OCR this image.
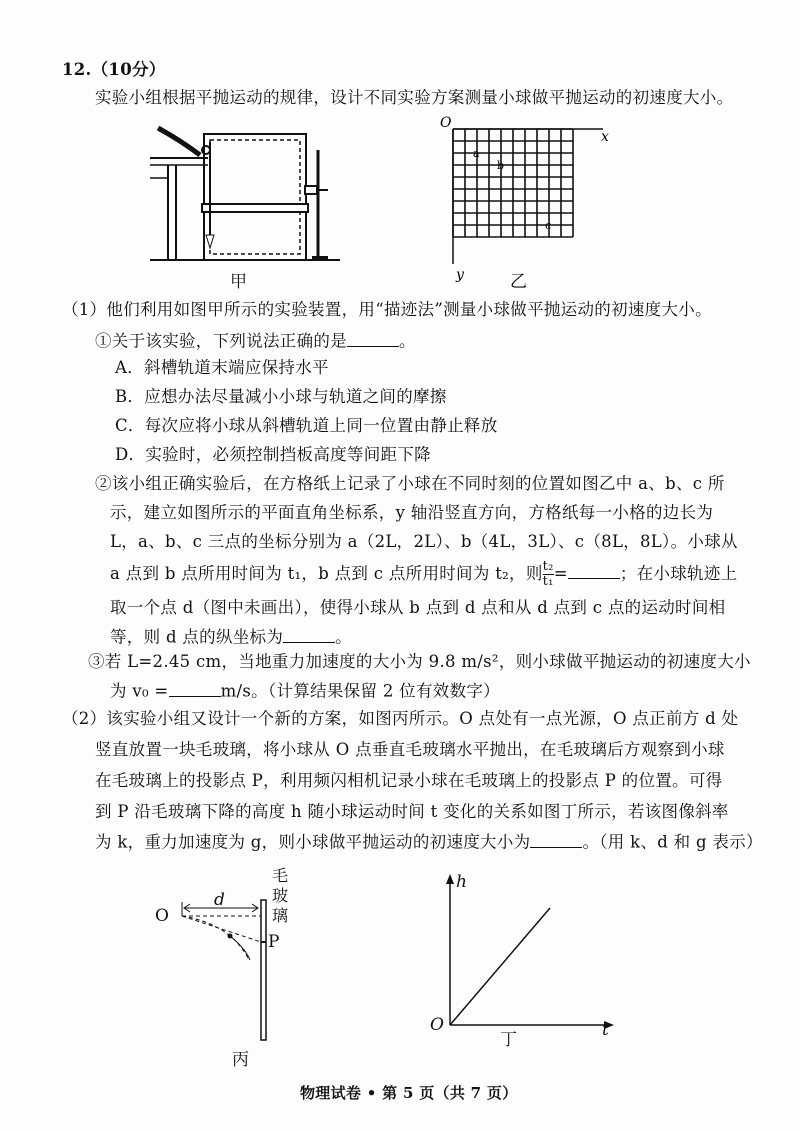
12.（10分）
实验小组根据平抛运动的规律，设计不同实验方案测量小球做平抛运动的初速度大小。
甲
O
x
y
a
b
c
乙
（1）他们利用如图甲所示的实验装置，用“描迹法”测量小球做平抛运动的初速度大小。
①关于该实验，下列说法正确的是	。
A．斜槽轨道末端应保持水平
B．应想办法尽量减小小球与轨道之间的摩擦
C．每次应将小球从斜槽轨道上同一位置由静止释放
D．实验时，必须控制挡板高度等间距下降
②该小组正确实验后，在方格纸上记录了小球在不同时刻的位置如图乙中 a、b、c 所
示，建立如图所示的平面直角坐标系，y 轴沿竖直方向，方格纸每一小格的边长为
L，a、b、c 三点的坐标分别为 a（2L，2L）、b（4L，3L）、c（8L，8L）。小球从
a 点到 b 点所用时间为 t₁，b 点到 c 点所用时间为 t₂，则 $\frac{\text{t₂}}{\text{t₁}}$ =	；在小球轨迹上
取一个点 d（图中未画出），使得小球从 b 点到 d 点和从 d 点到 c 点的运动时间相
等，则 d 点的纵坐标为	。
③若 L=2.45 cm，当地重力加速度的大小为 9.8 m/s²，则小球做平抛运动的初速度大小
为 v₀ =	m/s。（计算结果保留 2 位有效数字）
（2）该实验小组又设计一个新的方案，如图丙所示。O 点处有一点光源，O 点正前方 d 处
竖直放置一块毛玻璃，将小球从 O 点垂直毛玻璃水平抛出，在毛玻璃后方观察到小球
在毛玻璃上的投影点 P，利用频闪相机记录小球在毛玻璃上的投影点 P 的位置。可得
到 P 沿毛玻璃下降的高度 h 随小球运动时间 t 变化的关系如图丁所示，若该图像斜率
为 k，重力加速度为 g，则小球做平抛运动的初速度大小为	。（用 k、d 和 g 表示）
O
d
P
毛
玻
璃
丙
h
O	t
丁
物理试卷 • 第 5 页（共 7 页）
